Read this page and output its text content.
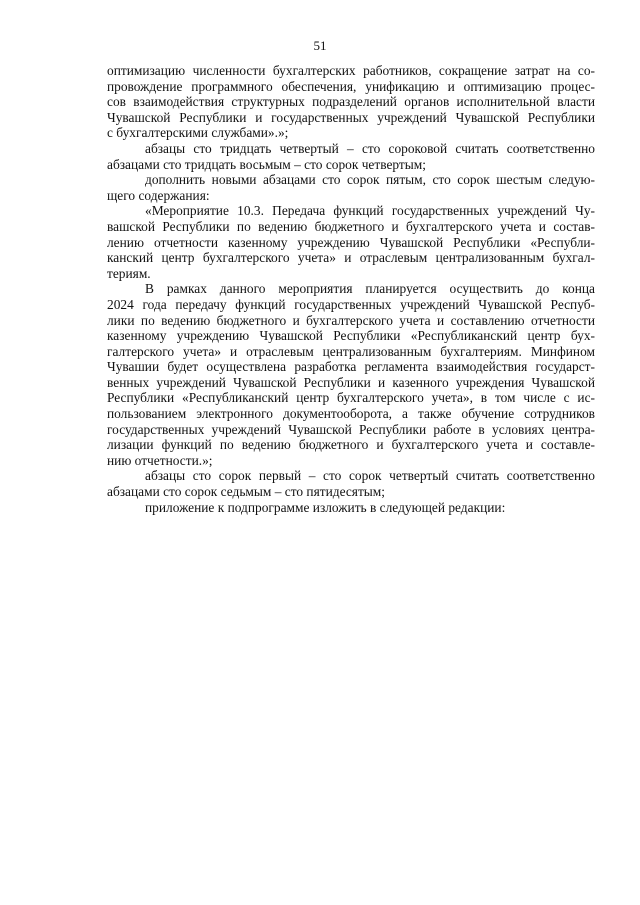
51
оптимизацию численности бухгалтерских работников, сокращение затрат на со-
провождение программного обеспечения, унификацию и оптимизацию процес-
сов взаимодействия структурных подразделений органов исполнительной власти
Чувашской Республики и государственных учреждений Чувашской Республики
с бухгалтерскими службами».»;
абзацы сто тридцать четвертый – сто сороковой считать соответственно
абзацами сто тридцать восьмым – сто сорок четвертым;
дополнить новыми абзацами сто сорок пятым, сто сорок шестым следую-
щего содержания:
«Мероприятие 10.3. Передача функций государственных учреждений Чу-
вашской Республики по ведению бюджетного и бухгалтерского учета и состав-
лению отчетности казенному учреждению Чувашской Республики «Республи-
канский центр бухгалтерского учета» и отраслевым централизованным бухгал-
териям.
В рамках данного мероприятия планируется осуществить до конца
2024 года передачу функций государственных учреждений Чувашской Респуб-
лики по ведению бюджетного и бухгалтерского учета и составлению отчетности
казенному учреждению Чувашской Республики «Республиканский центр бух-
галтерского учета» и отраслевым централизованным бухгалтериям. Минфином
Чувашии будет осуществлена разработка регламента взаимодействия государст-
венных учреждений Чувашской Республики и казенного учреждения Чувашской
Республики «Республиканский центр бухгалтерского учета», в том числе с ис-
пользованием электронного документооборота, а также обучение сотрудников
государственных учреждений Чувашской Республики работе в условиях центра-
лизации функций по ведению бюджетного и бухгалтерского учета и составле-
нию отчетности.»;
абзацы сто сорок первый – сто сорок четвертый считать соответственно
абзацами сто сорок седьмым – сто пятидесятым;
приложение к подпрограмме изложить в следующей редакции:
